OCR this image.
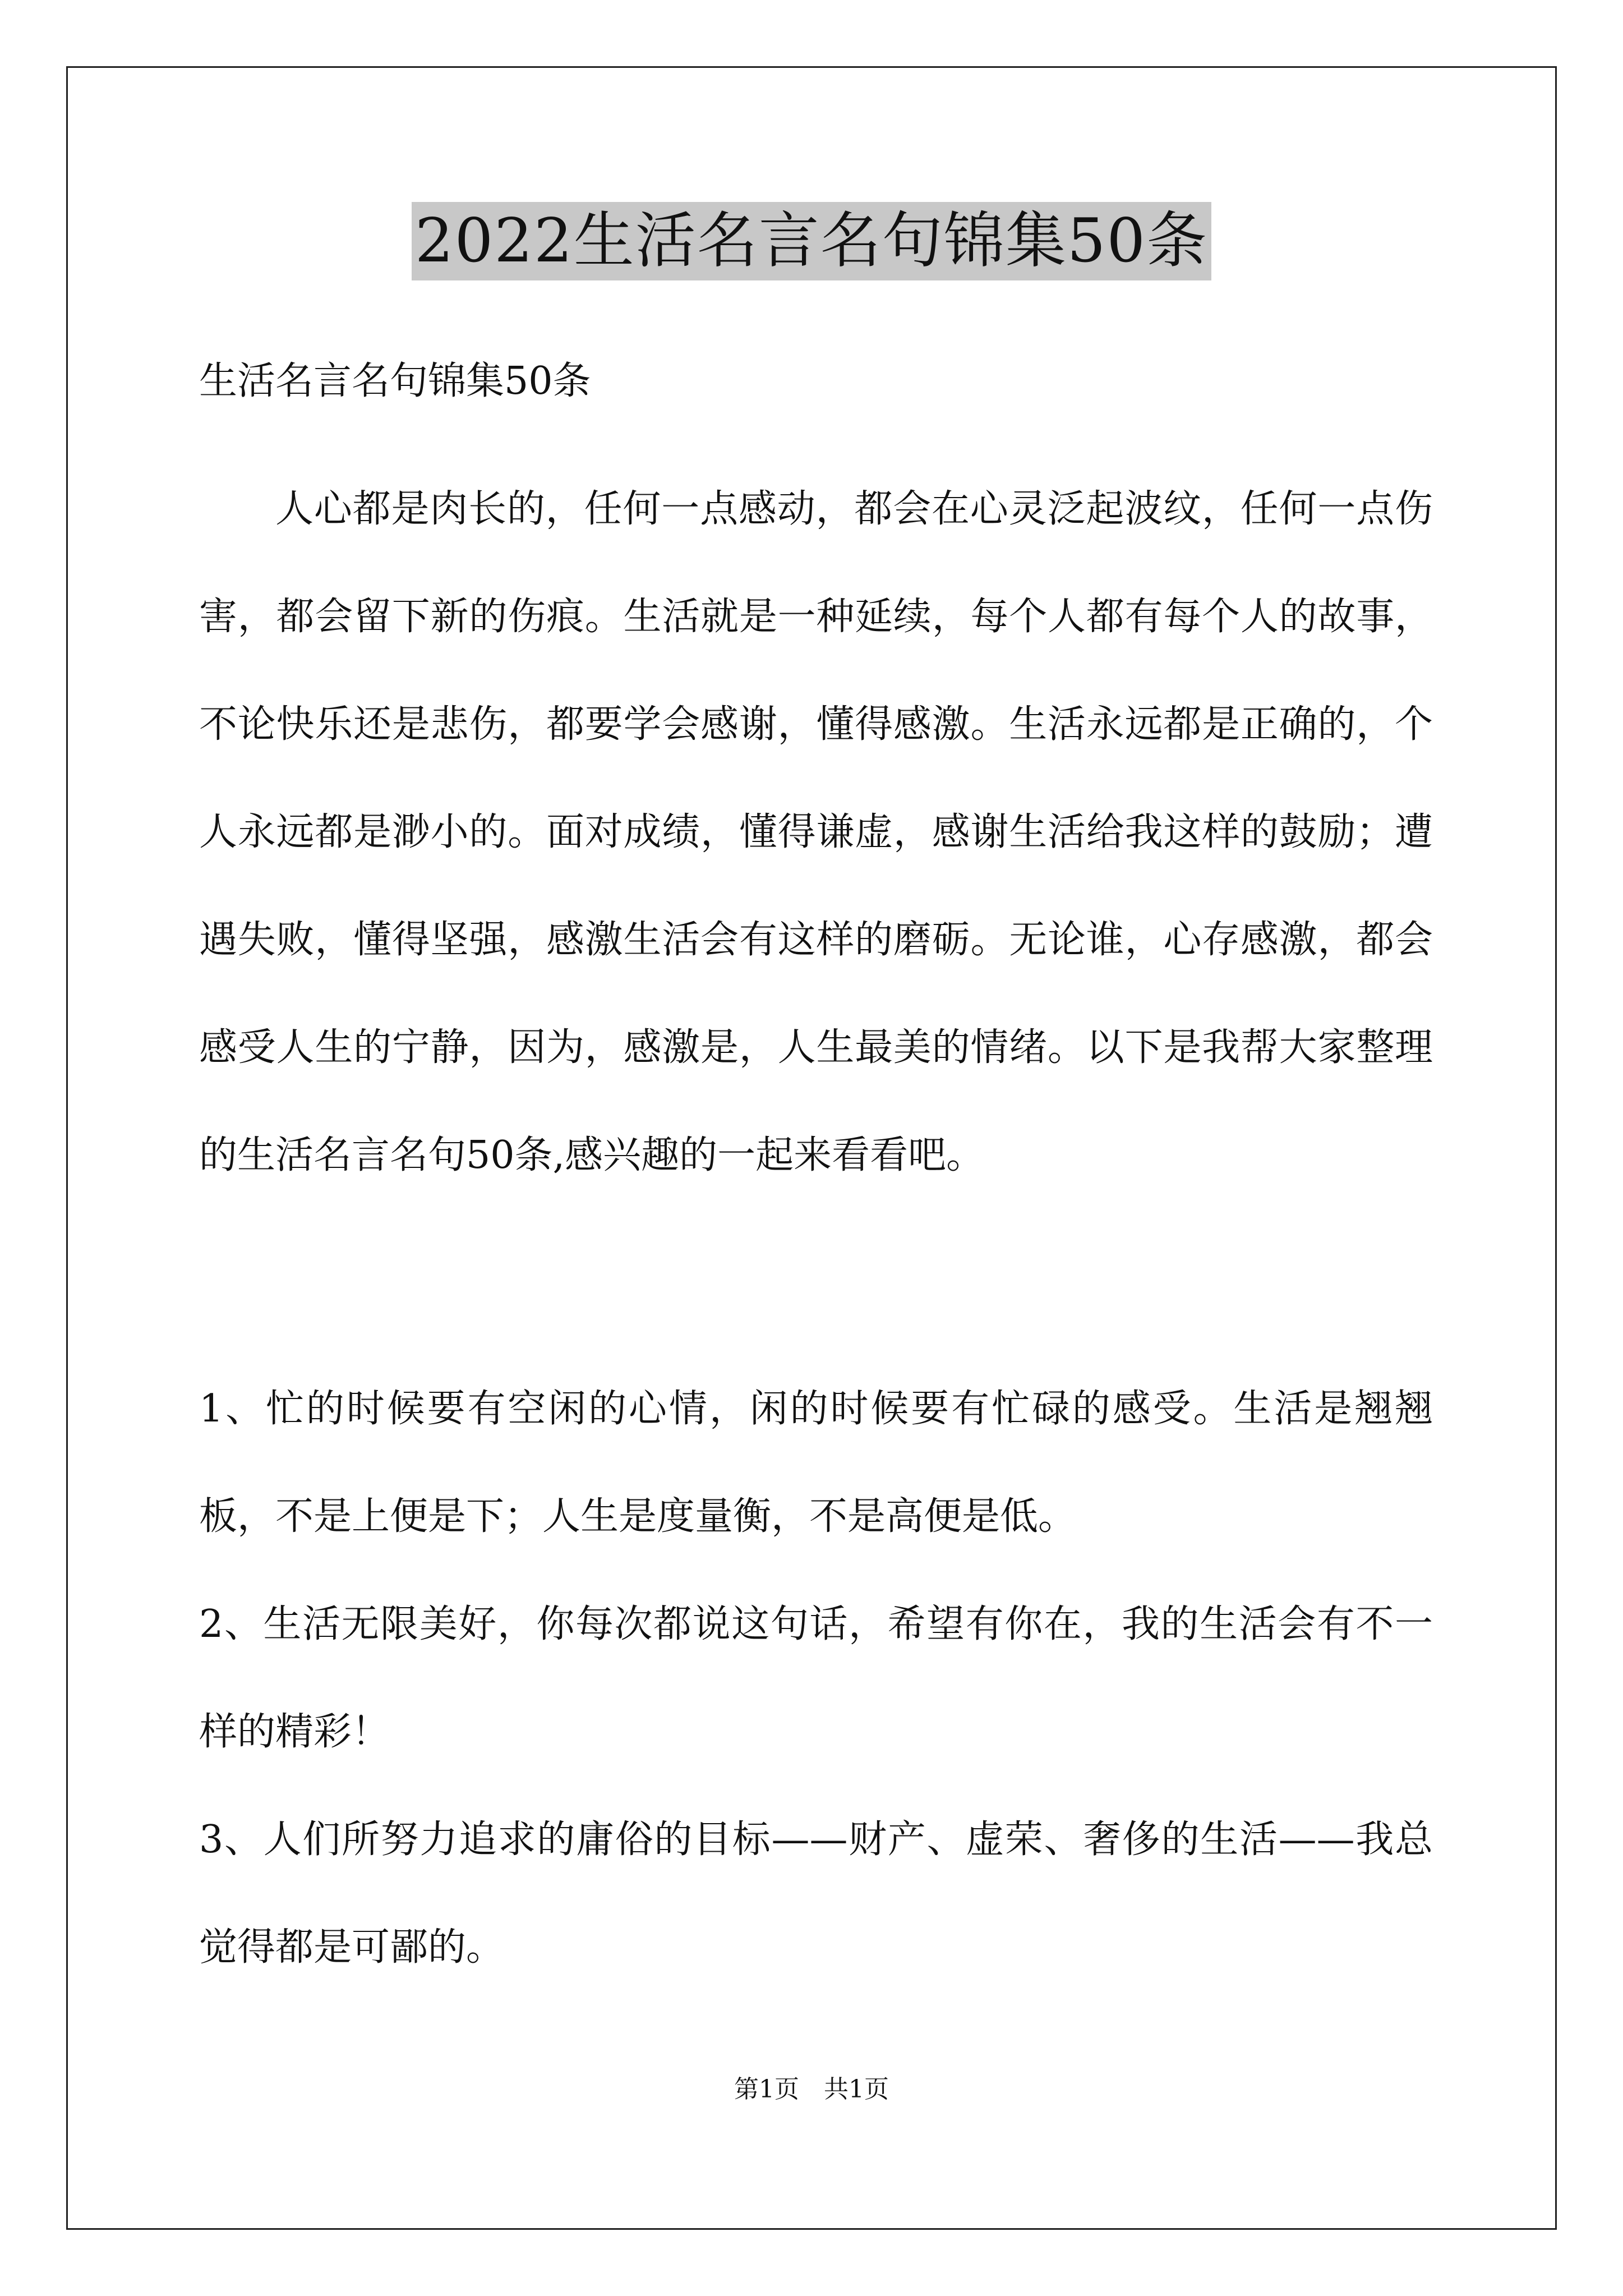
2022生活名言名句锦集50条

生活名言名句锦集50条

人心都是肉长的，任何一点感动，都会在心灵泛起波纹，任何一点伤害，都会留下新的伤痕。生活就是一种延续，每个人都有每个人的故事，不论快乐还是悲伤，都要学会感谢，懂得感激。生活永远都是正确的，个人永远都是渺小的。面对成绩，懂得谦虚，感谢生活给我这样的鼓励；遭遇失败，懂得坚强，感激生活会有这样的磨砺。无论谁，心存感激，都会感受人生的宁静，因为，感激是，人生最美的情绪。以下是我帮大家整理的生活名言名句50条,感兴趣的一起来看看吧。

1、忙的时候要有空闲的心情，闲的时候要有忙碌的感受。生活是翘翘板，不是上便是下；人生是度量衡，不是高便是低。

2、生活无限美好，你每次都说这句话，希望有你在，我的生活会有不一样的精彩！

3、人们所努力追求的庸俗的目标——财产、虚荣、奢侈的生活——我总觉得都是可鄙的。

第1页　共1页
